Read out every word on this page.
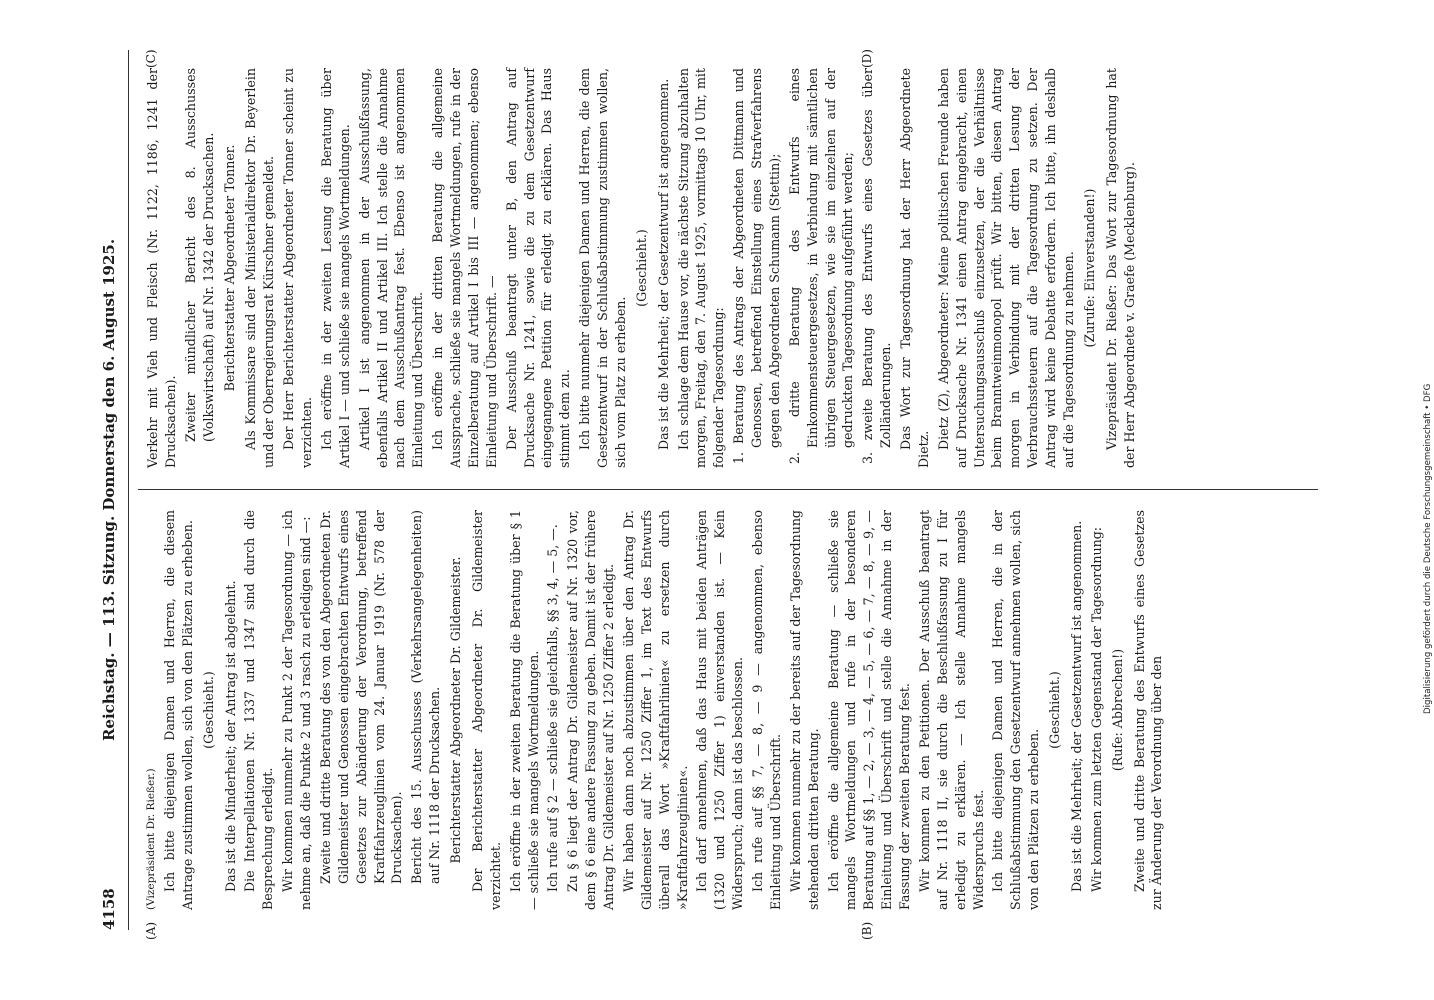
4158
Reichstag. — 113. Sitzung. Donnerstag den 6. August 1925.
(A)	(B)
(C)	(D)

(Vizepräsident Dr. Rießer.) Ich bitte diejenigen Damen und Herren, die diesem Antrage zustimmen wollen, sich von den Plätzen zu erheben. (Geschieht.) Das ist die Minderheit; der Antrag ist abgelehnt. Die Interpellationen Nr. 1337 und 1347 sind durch die Besprechung erledigt. Wir kommen nunmehr zu Punkt 2 der Tagesordnung — ich nehme an, daß die Punkte 2 und 3 rasch zu erledigen sind —: Zweite und dritte Beratung des von den Abgeordneten Dr. Gildemeister und Genossen eingebrachten Entwurfs eines Gesetzes zur Abänderung der Verordnung, betreffend Kraftfahrzeuglinien vom 24. Januar 1919 (Nr. 578 der Drucksachen). Bericht des 15. Ausschusses (Verkehrsangelegenheiten) auf Nr. 1118 der Drucksachen. Berichterstatter Abgeordneter Dr. Gildemeister. Der Berichterstatter Abgeordneter Dr. Gildemeister verzichtet. Ich eröffne in der zweiten Beratung die Beratung über § 1 — schließe sie mangels Wortmeldungen. Ich rufe auf § 2 — schließe sie gleichfalls, §§ 3, 4, — 5, —. Zu § 6 liegt der Antrag Dr. Gildemeister auf Nr. 1320 vor, dem § 6 eine andere Fassung zu geben. Damit ist der frühere Antrag Dr. Gildemeister auf Nr. 1250 Ziffer 2 erledigt. Wir haben dann noch abzustimmen über den Antrag Dr. Gildemeister auf Nr. 1250 Ziffer 1, im Text des Entwurfs überall das Wort »Kraftfahrlinien« zu ersetzen durch »Kraftfahrzeuglinien«. Ich darf annehmen, daß das Haus mit beiden Anträgen (1320 und 1250 Ziffer 1) einverstanden ist. — Kein Widerspruch; dann ist das beschlossen. Ich rufe auf §§ 7, — 8, — 9 — angenommen, ebenso Einleitung und Überschrift. Wir kommen nunmehr zu der bereits auf der Tagesordnung stehenden dritten Beratung. Ich eröffne die allgemeine Beratung — schließe sie mangels Wortmeldungen und rufe in der besonderen Beratung auf §§ 1, — 2, — 3, — 4, — 5, — 6, — 7, — 8, — 9, — Einleitung und Überschrift und stelle die Annahme in der Fassung der zweiten Beratung fest. Wir kommen zu den Petitionen. Der Ausschuß beantragt auf Nr. 1118 II, sie durch die Beschlußfassung zu I für erledigt zu erklären. — Ich stelle Annahme mangels Widerspruchs fest. Ich bitte diejenigen Damen und Herren, die in der Schlußabstimmung den Gesetzentwurf annehmen wollen, sich von den Plätzen zu erheben.

(Geschieht.) Das ist die Mehrheit; der Gesetzentwurf ist angenommen. Wir kommen zum letzten Gegenstand der Tagesordnung: (Rufe: Abbrechen!) Zweite und dritte Beratung des Entwurfs eines Gesetzes zur Änderung der Verordnung über den

Verkehr mit Vieh und Fleisch (Nr. 1122, 1186, 1241 der Drucksachen). Zweiter mündlicher Bericht des 8. Ausschusses (Volkswirtschaft) auf Nr. 1342 der Drucksachen. Berichterstatter Abgeordneter Tonner. Als Kommissare sind der Ministerialdirektor Dr. Beyerlein und der Oberregierungsrat Kürschner gemeldet. Der Herr Berichterstatter Abgeordneter Tonner scheint zu verzichten. Ich eröffne in der zweiten Lesung die Beratung über Artikel I — und schließe sie mangels Wortmeldungen. Artikel I ist angenommen in der Ausschußfassung, ebenfalls Artikel II und Artikel III. Ich stelle die Annahme nach dem Ausschußantrag fest. Ebenso ist angenommen Einleitung und Überschrift. Ich eröffne in der dritten Beratung die allgemeine Aussprache, schließe sie mangels Wortmeldungen, rufe in der Einzelberatung auf Artikel I bis III — angenommen; ebenso Einleitung und Überschrift. — Der Ausschuß beantragt unter B, den Antrag auf Drucksache Nr. 1241, sowie die zu dem Gesetzentwurf eingegangene Petition für erledigt zu erklären. Das Haus stimmt dem zu. Ich bitte nunmehr diejenigen Damen und Herren, die dem Gesetzentwurf in der Schlußabstimmung zustimmen wollen, sich vom Platz zu erheben.

(Geschieht.) Das ist die Mehrheit; der Gesetzentwurf ist angenommen. Ich schlage dem Hause vor, die nächste Sitzung abzuhalten morgen, Freitag, den 7. August 1925, vormittags 10 Uhr, mit folgender Tagesordnung: 1. Beratung des Antrags der Abgeordneten Dittmann und Genossen, betreffend Einstellung eines Strafverfahrens gegen den Abgeordneten Schumann (Stettin); 2. dritte Beratung des Entwurfs eines Einkommensteuergesetzes, in Verbindung mit sämtlichen übrigen Steuergesetzen, wie sie im einzelnen auf der gedruckten Tagesordnung aufgeführt werden; 3. zweite Beratung des Entwurfs eines Gesetzes über Zolländerungen. Das Wort zur Tagesordnung hat der Herr Abgeordnete Dietz. Dietz (Z), Abgeordneter: Meine politischen Freunde haben auf Drucksache Nr. 1341 einen Antrag eingebracht, einen Untersuchungsausschuß einzusetzen, der die Verhältnisse beim Branntweinmonopol prüft. Wir bitten, diesen Antrag morgen in Verbindung mit der dritten Lesung der Verbrauchssteuern auf die Tagesordnung zu setzen. Der Antrag wird keine Debatte erfordern. Ich bitte, ihn deshalb auf die Tagesordnung zu nehmen. (Zurufe: Einverstanden!) Vizepräsident Dr. Rießer: Das Wort zur Tagesordnung hat der Herr Abgeordnete v. Graefe (Mecklenburg).

Digitalisierung gefördert durch die Deutsche Forschungsgemeinschaft • DFG
